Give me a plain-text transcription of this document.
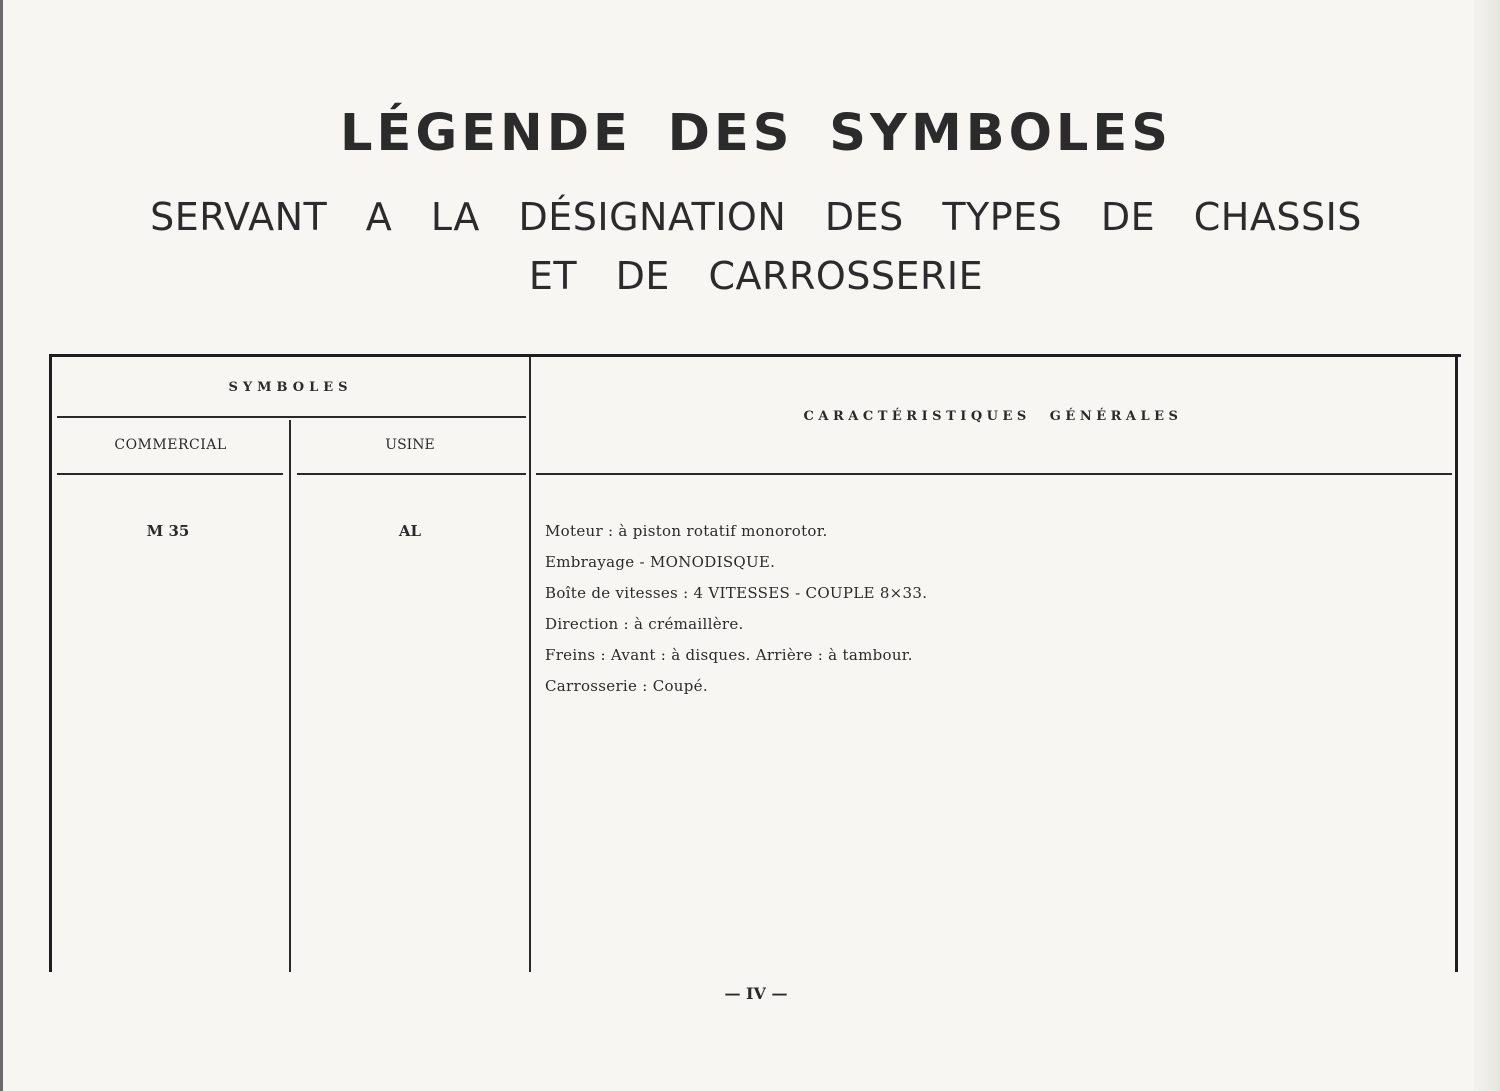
LÉGENDE DES SYMBOLES
SERVANT A LA DÉSIGNATION DES TYPES DE CHASSIS
ET DE CARROSSERIE
SYMBOLES
COMMERCIAL	USINE
CARACTÉRISTIQUES GÉNÉRALES
M 35	AL	Moteur : à piston rotatif monorotor.
Embrayage - MONODISQUE.
Boîte de vitesses : 4 VITESSES - COUPLE 8×33.
Direction : à crémaillère.
Freins : Avant : à disques. Arrière : à tambour.
Carrosserie : Coupé.
— IV —
